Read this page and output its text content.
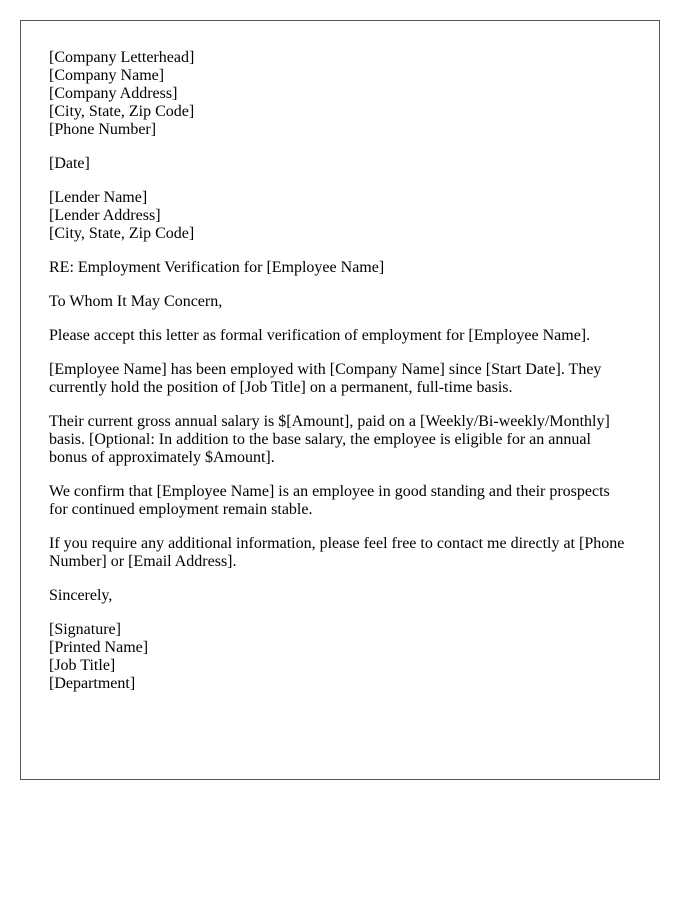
[Company Letterhead]
[Company Name]
[Company Address]
[City, State, Zip Code]
[Phone Number]
[Date]
[Lender Name]
[Lender Address]
[City, State, Zip Code]
RE: Employment Verification for [Employee Name]
To Whom It May Concern,

Please accept this letter as formal verification of employment for [Employee Name].

[Employee Name] has been employed with [Company Name] since [Start Date]. They currently hold the position of [Job Title] on a permanent, full-time basis.

Their current gross annual salary is $[Amount], paid on a [Weekly/Bi-weekly/Monthly] basis. [Optional: In addition to the base salary, the employee is eligible for an annual bonus of approximately $Amount].

We confirm that [Employee Name] is an employee in good standing and their prospects for continued employment remain stable.

If you require any additional information, please feel free to contact me directly at [Phone Number] or [Email Address].

Sincerely,
[Signature]
[Printed Name]
[Job Title]
[Department]
